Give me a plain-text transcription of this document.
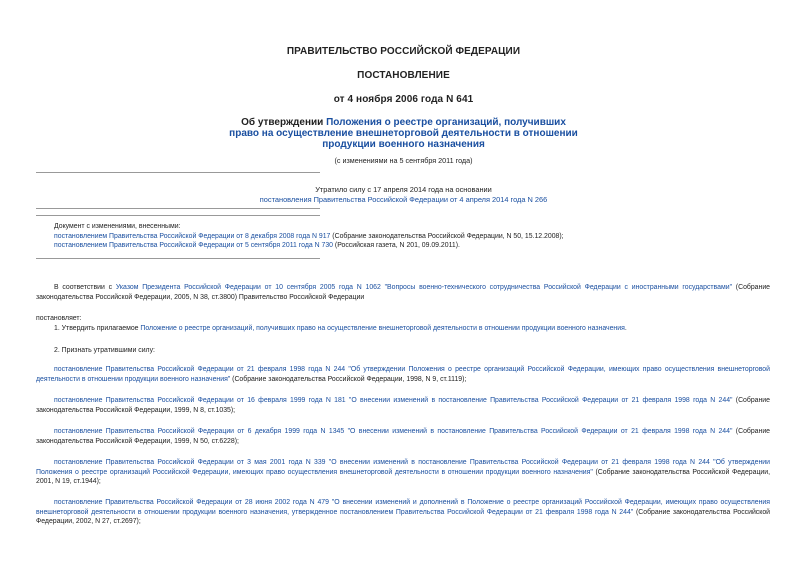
ПРАВИТЕЛЬСТВО РОССИЙСКОЙ ФЕДЕРАЦИИ
ПОСТАНОВЛЕНИЕ
от 4 ноября 2006 года N 641
Об утверждении Положения о реестре организаций, получивших
право на осуществление внешнеторговой деятельности в отношении
продукции военного назначения
(с изменениями на 5 сентября 2011 года)
Утратило силу с 17 апреля 2014 года на основании
постановления Правительства Российской Федерации от 4 апреля 2014 года N 266
Документ с изменениями, внесенными:
постановлением Правительства Российской Федерации от 8 декабря 2008 года N 917 (Собрание законодательства Российской Федерации, N 50, 15.12.2008);
постановлением Правительства Российской Федерации от 5 сентября 2011 года N 730 (Российская газета, N 201, 09.09.2011).
В соответствии с Указом Президента Российской Федерации от 10 сентября 2005 года N 1062 "Вопросы военно-технического сотрудничества Российской Федерации с иностранными государствами" (Собрание законодательства Российской Федерации, 2005, N 38, ст.3800) Правительство Российской Федерации
постановляет:
1. Утвердить прилагаемое Положение о реестре организаций, получивших право на осуществление внешнеторговой деятельности в отношении продукции военного назначения.
2. Признать утратившими силу:
постановление Правительства Российской Федерации от 21 февраля 1998 года N 244 "Об утверждении Положения о реестре организаций Российской Федерации, имеющих право осуществления внешнеторговой деятельности в отношении продукции военного назначения" (Собрание законодательства Российской Федерации, 1998, N 9, ст.1119);
постановление Правительства Российской Федерации от 16 февраля 1999 года N 181 "О внесении изменений в постановление Правительства Российской Федерации от 21 февраля 1998 года N 244" (Собрание законодательства Российской Федерации, 1999, N 8, ст.1035);
постановление Правительства Российской Федерации от 6 декабря 1999 года N 1345 "О внесении изменений в постановление Правительства Российской Федерации от 21 февраля 1998 года N 244" (Собрание законодательства Российской Федерации, 1999, N 50, ст.6228);
постановление Правительства Российской Федерации от 3 мая 2001 года N 339 "О внесении изменений в постановление Правительства Российской Федерации от 21 февраля 1998 года N 244 "Об утверждении Положения о реестре организаций Российской Федерации, имеющих право осуществления внешнеторговой деятельности в отношении продукции военного назначения" (Собрание законодательства Российской Федерации, 2001, N 19, ст.1944);
постановление Правительства Российской Федерации от 28 июня 2002 года N 479 "О внесении изменений и дополнений в Положение о реестре организаций Российской Федерации, имеющих право осуществления внешнеторговой деятельности в отношении продукции военного назначения, утвержденное постановлением Правительства Российской Федерации от 21 февраля 1998 года N 244" (Собрание законодательства Российской Федерации, 2002, N 27, ст.2697);
